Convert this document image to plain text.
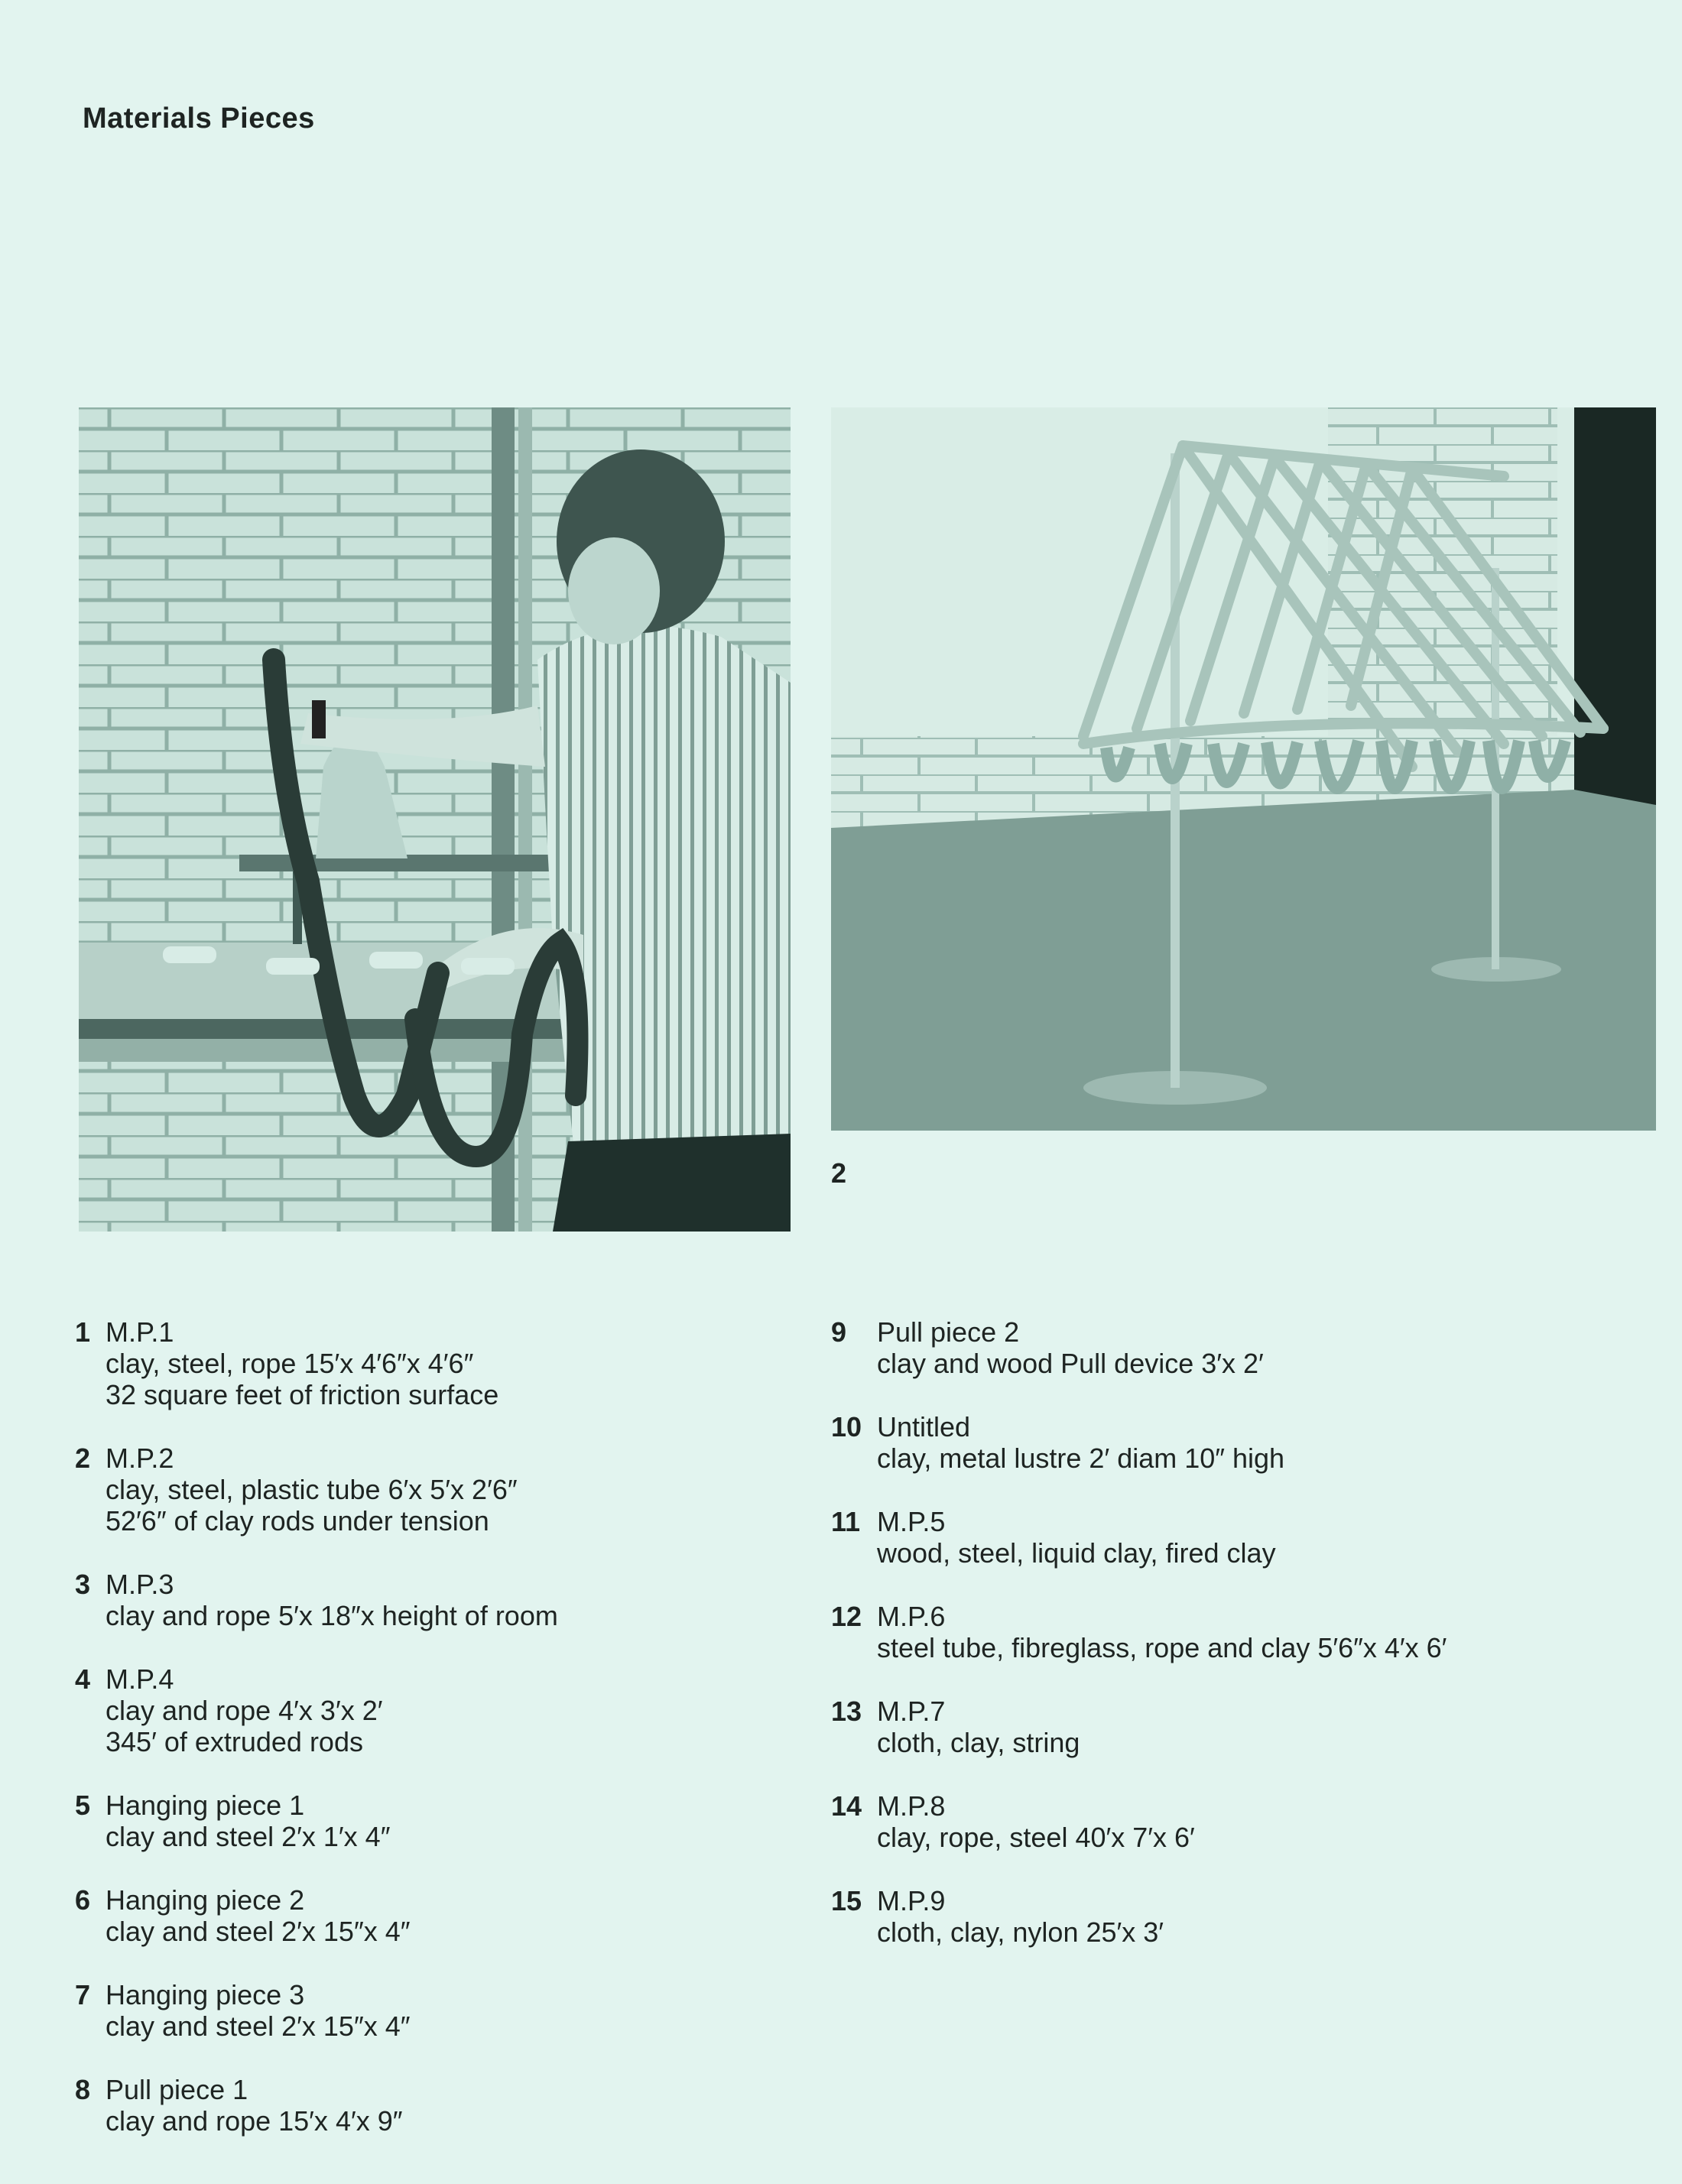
Materials Pieces
2
1 M.P.1
clay, steel, rope 15′x 4′6″x 4′6″
32 square feet of friction surface
2 M.P.2
clay, steel, plastic tube 6′x 5′x 2′6″
52′6″ of clay rods under tension
3 M.P.3
clay and rope 5′x 18″x height of room
4 M.P.4
clay and rope 4′x 3′x 2′
345′ of extruded rods
5 Hanging piece 1
clay and steel 2′x 1′x 4″
6 Hanging piece 2
clay and steel 2′x 15″x 4″
7 Hanging piece 3
clay and steel 2′x 15″x 4″
8 Pull piece 1
clay and rope 15′x 4′x 9″
9 Pull piece 2
clay and wood Pull device 3′x 2′
10 Untitled
clay, metal lustre 2′ diam 10″ high
11 M.P.5
wood, steel, liquid clay, fired clay
12 M.P.6
steel tube, fibreglass, rope and clay 5′6″x 4′x 6′
13 M.P.7
cloth, clay, string
14 M.P.8
clay, rope, steel 40′x 7′x 6′
15 M.P.9
cloth, clay, nylon 25′x 3′
